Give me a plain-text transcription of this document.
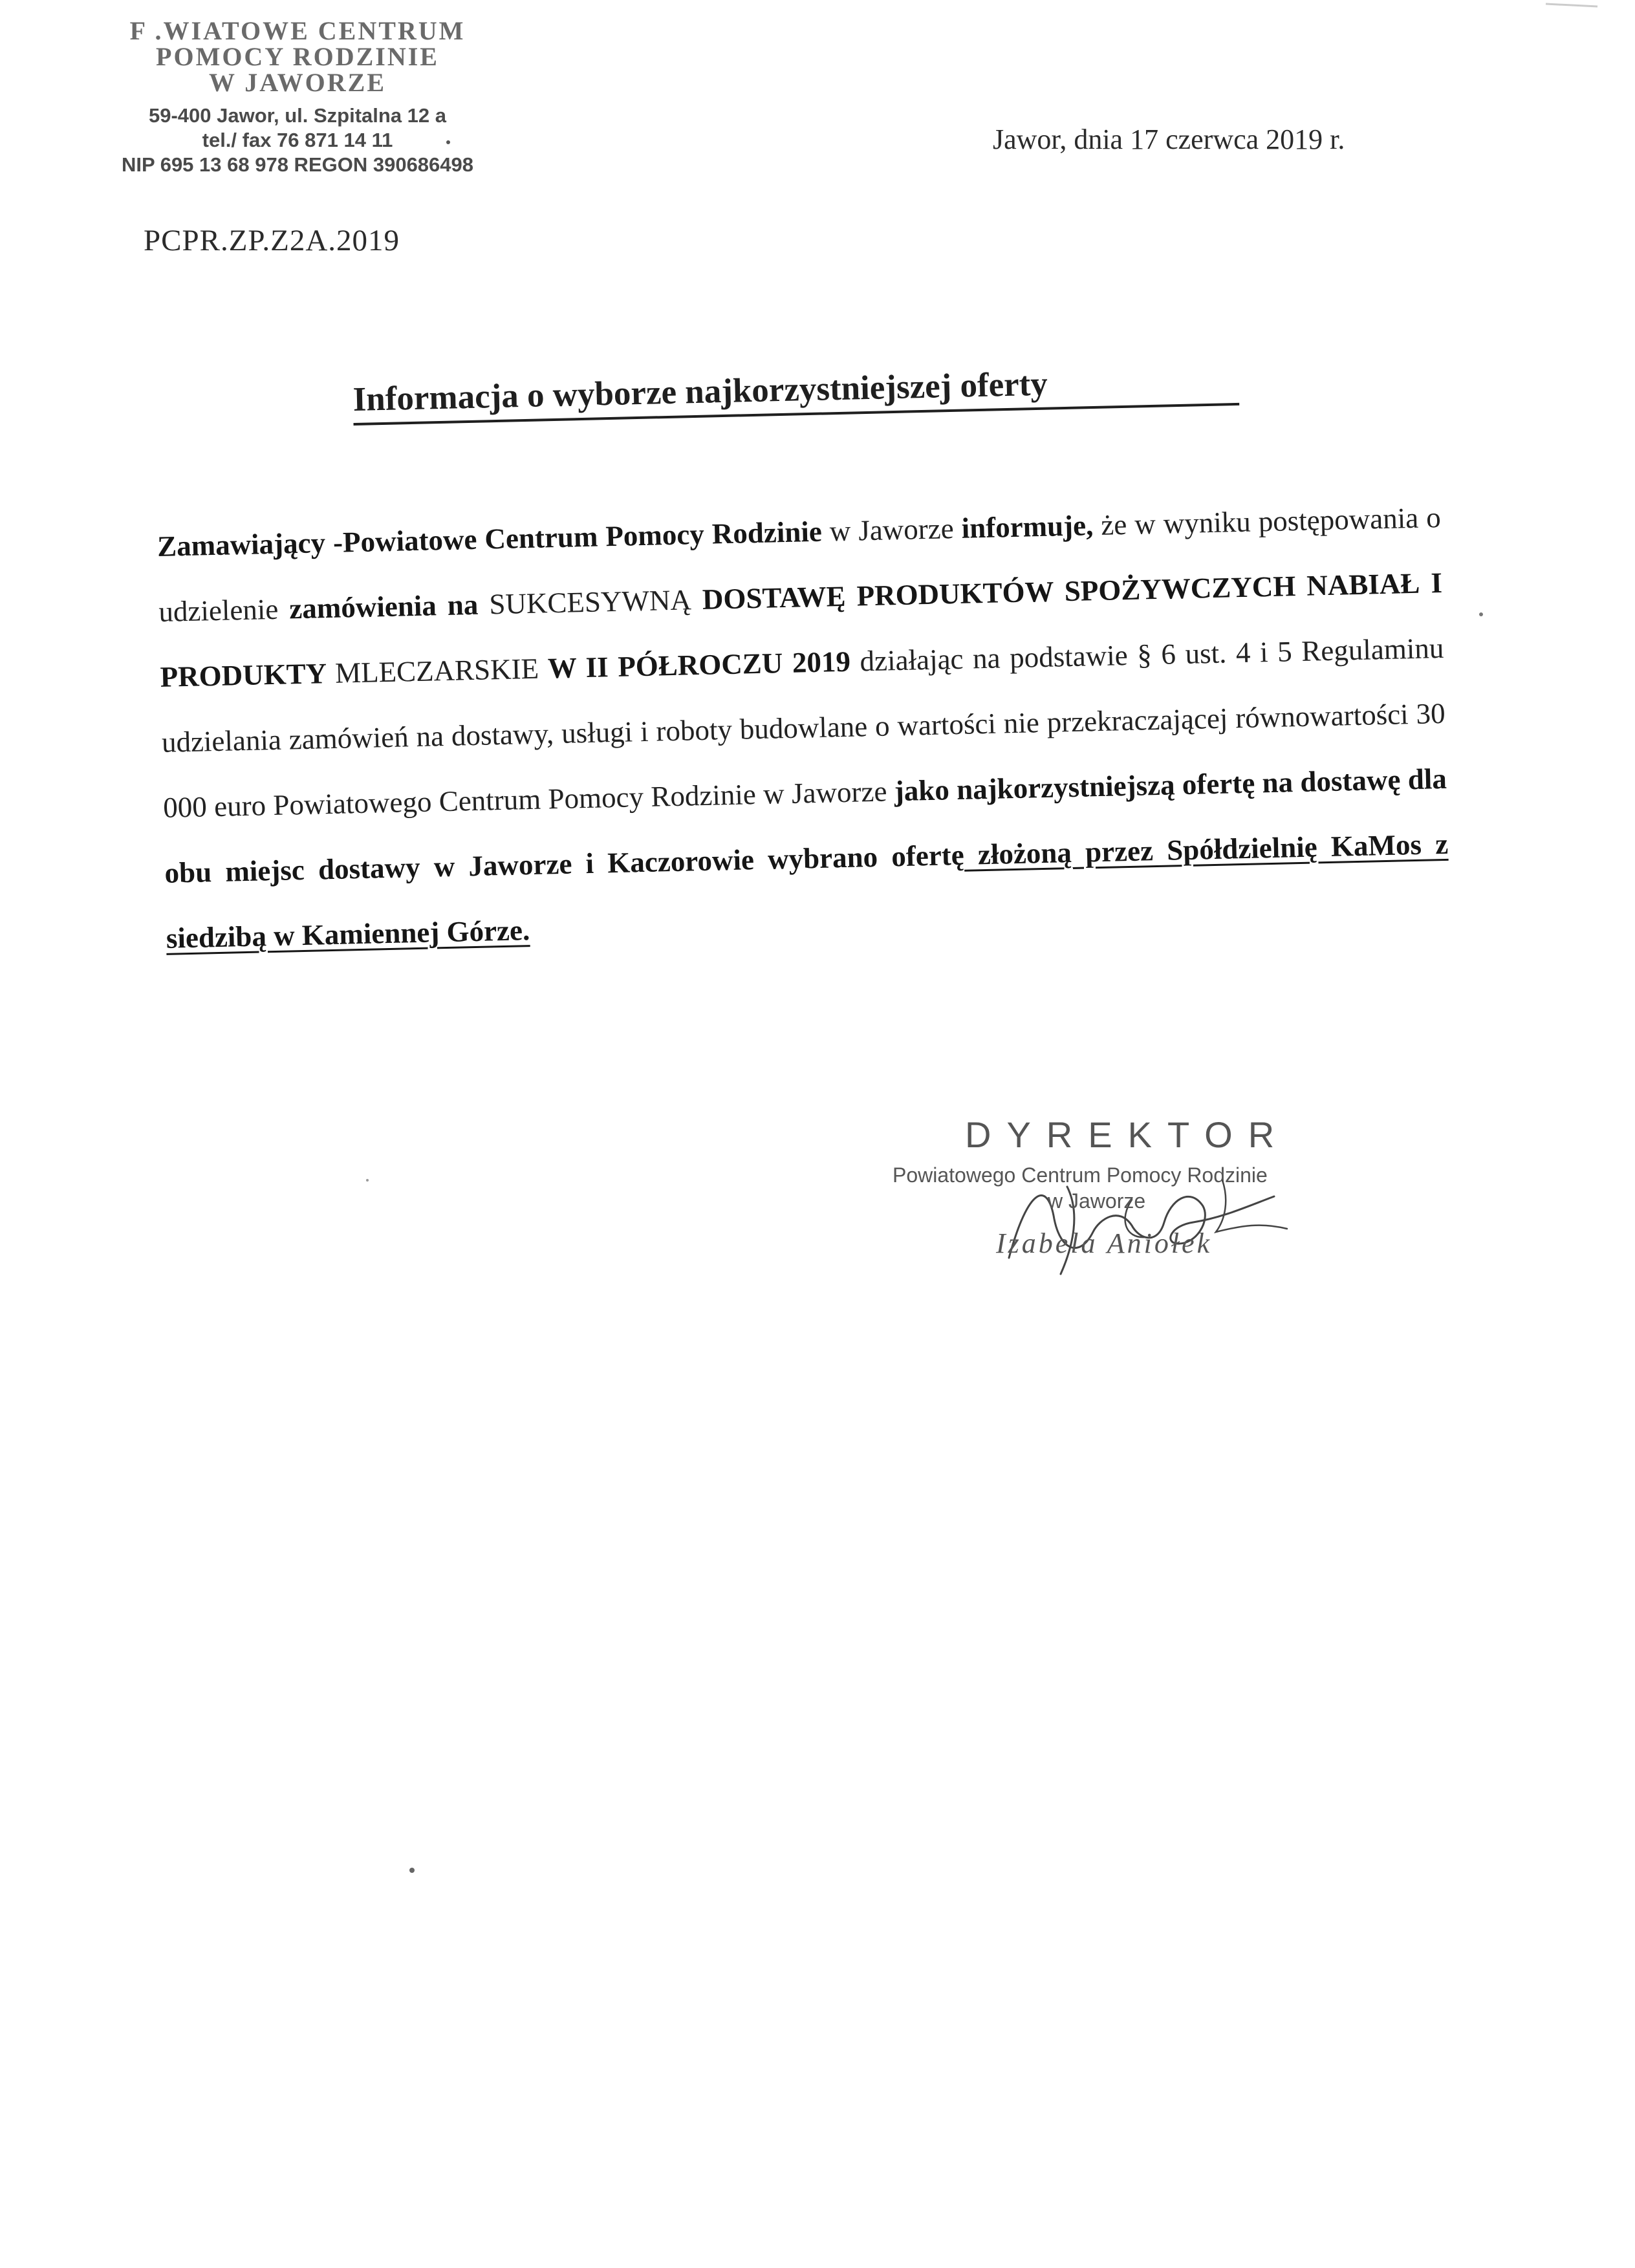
F .WIATOWE CENTRUM
POMOCY RODZINIE
W JAWORZE
59-400 Jawor, ul. Szpitalna 12 a
tel./ fax 76 871 14 11
NIP 695 13 68 978 REGON 390686498
Jawor, dnia 17 czerwca 2019 r.
PCPR.ZP.Z2A.2019
Informacja o wyborze najkorzystniejszej oferty
Zamawiający -Powiatowe Centrum Pomocy Rodzinie w Jaworze informuje, że w wyniku postępowania o udzielenie zamówienia na SUKCESYWNĄ DOSTAWĘ PRODUKTÓW SPOŻYWCZYCH NABIAŁ I PRODUKTY MLECZARSKIE W II PÓŁROCZU 2019 działając na podstawie § 6 ust. 4 i 5 Regulaminu udzielania zamówień na dostawy, usługi i roboty budowlane o wartości nie przekraczającej równowartości 30 000 euro Powiatowego Centrum Pomocy Rodzinie w Jaworze jako najkorzystniejszą ofertę na dostawę dla obu miejsc dostawy w Jaworze i Kaczorowie wybrano ofertę złożoną przez Spółdzielnię KaMos z siedzibą w Kamiennej Górze.
DYREKTOR
Powiatowego Centrum Pomocy Rodzinie
w Jaworze
Izabela Aniołek
